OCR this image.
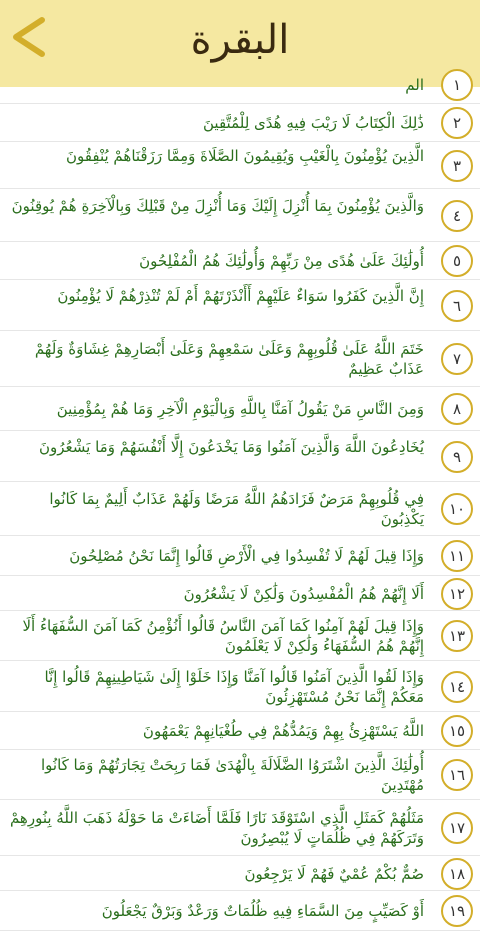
البقرة
١
الم
٢
ذَٰلِكَ الْكِتَابُ لَا رَيْبَ فِيهِ هُدًى لِلْمُتَّقِينَ
٣
الَّذِينَ يُؤْمِنُونَ بِالْغَيْبِ وَيُقِيمُونَ الصَّلَاةَ وَمِمَّا رَزَقْنَاهُمْ يُنْفِقُونَ
٤
وَالَّذِينَ يُؤْمِنُونَ بِمَا أُنْزِلَ إِلَيْكَ وَمَا أُنْزِلَ مِنْ قَبْلِكَ وَبِالْآخِرَةِ هُمْ يُوقِنُونَ
٥
أُولَٰئِكَ عَلَىٰ هُدًى مِنْ رَبِّهِمْ وَأُولَٰئِكَ هُمُ الْمُفْلِحُونَ
٦
إِنَّ الَّذِينَ كَفَرُوا سَوَاءٌ عَلَيْهِمْ أَأَنْذَرْتَهُمْ أَمْ لَمْ تُنْذِرْهُمْ لَا يُؤْمِنُونَ
٧
خَتَمَ اللَّهُ عَلَىٰ قُلُوبِهِمْ وَعَلَىٰ سَمْعِهِمْ وَعَلَىٰ أَبْصَارِهِمْ غِشَاوَةٌ وَلَهُمْ عَذَابٌ عَظِيمٌ
٨
وَمِنَ النَّاسِ مَنْ يَقُولُ آمَنَّا بِاللَّهِ وَبِالْيَوْمِ الْآخِرِ وَمَا هُمْ بِمُؤْمِنِينَ
٩
يُخَادِعُونَ اللَّهَ وَالَّذِينَ آمَنُوا وَمَا يَخْدَعُونَ إِلَّا أَنْفُسَهُمْ وَمَا يَشْعُرُونَ
١٠
فِي قُلُوبِهِمْ مَرَضٌ فَزَادَهُمُ اللَّهُ مَرَضًا وَلَهُمْ عَذَابٌ أَلِيمٌ بِمَا كَانُوا يَكْذِبُونَ
١١
وَإِذَا قِيلَ لَهُمْ لَا تُفْسِدُوا فِي الْأَرْضِ قَالُوا إِنَّمَا نَحْنُ مُصْلِحُونَ
١٢
أَلَا إِنَّهُمْ هُمُ الْمُفْسِدُونَ وَلَٰكِنْ لَا يَشْعُرُونَ
١٣
وَإِذَا قِيلَ لَهُمْ آمِنُوا كَمَا آمَنَ النَّاسُ قَالُوا أَنُؤْمِنُ كَمَا آمَنَ السُّفَهَاءُ أَلَا إِنَّهُمْ هُمُ السُّفَهَاءُ وَلَٰكِنْ لَا يَعْلَمُونَ
١٤
وَإِذَا لَقُوا الَّذِينَ آمَنُوا قَالُوا آمَنَّا وَإِذَا خَلَوْا إِلَىٰ شَيَاطِينِهِمْ قَالُوا إِنَّا مَعَكُمْ إِنَّمَا نَحْنُ مُسْتَهْزِئُونَ
١٥
اللَّهُ يَسْتَهْزِئُ بِهِمْ وَيَمُدُّهُمْ فِي طُغْيَانِهِمْ يَعْمَهُونَ
١٦
أُولَٰئِكَ الَّذِينَ اشْتَرَوُا الضَّلَالَةَ بِالْهُدَىٰ فَمَا رَبِحَتْ تِجَارَتُهُمْ وَمَا كَانُوا مُهْتَدِينَ
١٧
مَثَلُهُمْ كَمَثَلِ الَّذِي اسْتَوْقَدَ نَارًا فَلَمَّا أَضَاءَتْ مَا حَوْلَهُ ذَهَبَ اللَّهُ بِنُورِهِمْ وَتَرَكَهُمْ فِي ظُلُمَاتٍ لَا يُبْصِرُونَ
١٨
صُمٌّ بُكْمٌ عُمْيٌ فَهُمْ لَا يَرْجِعُونَ
١٩
أَوْ كَصَيِّبٍ مِنَ السَّمَاءِ فِيهِ ظُلُمَاتٌ وَرَعْدٌ وَبَرْقٌ يَجْعَلُونَ
